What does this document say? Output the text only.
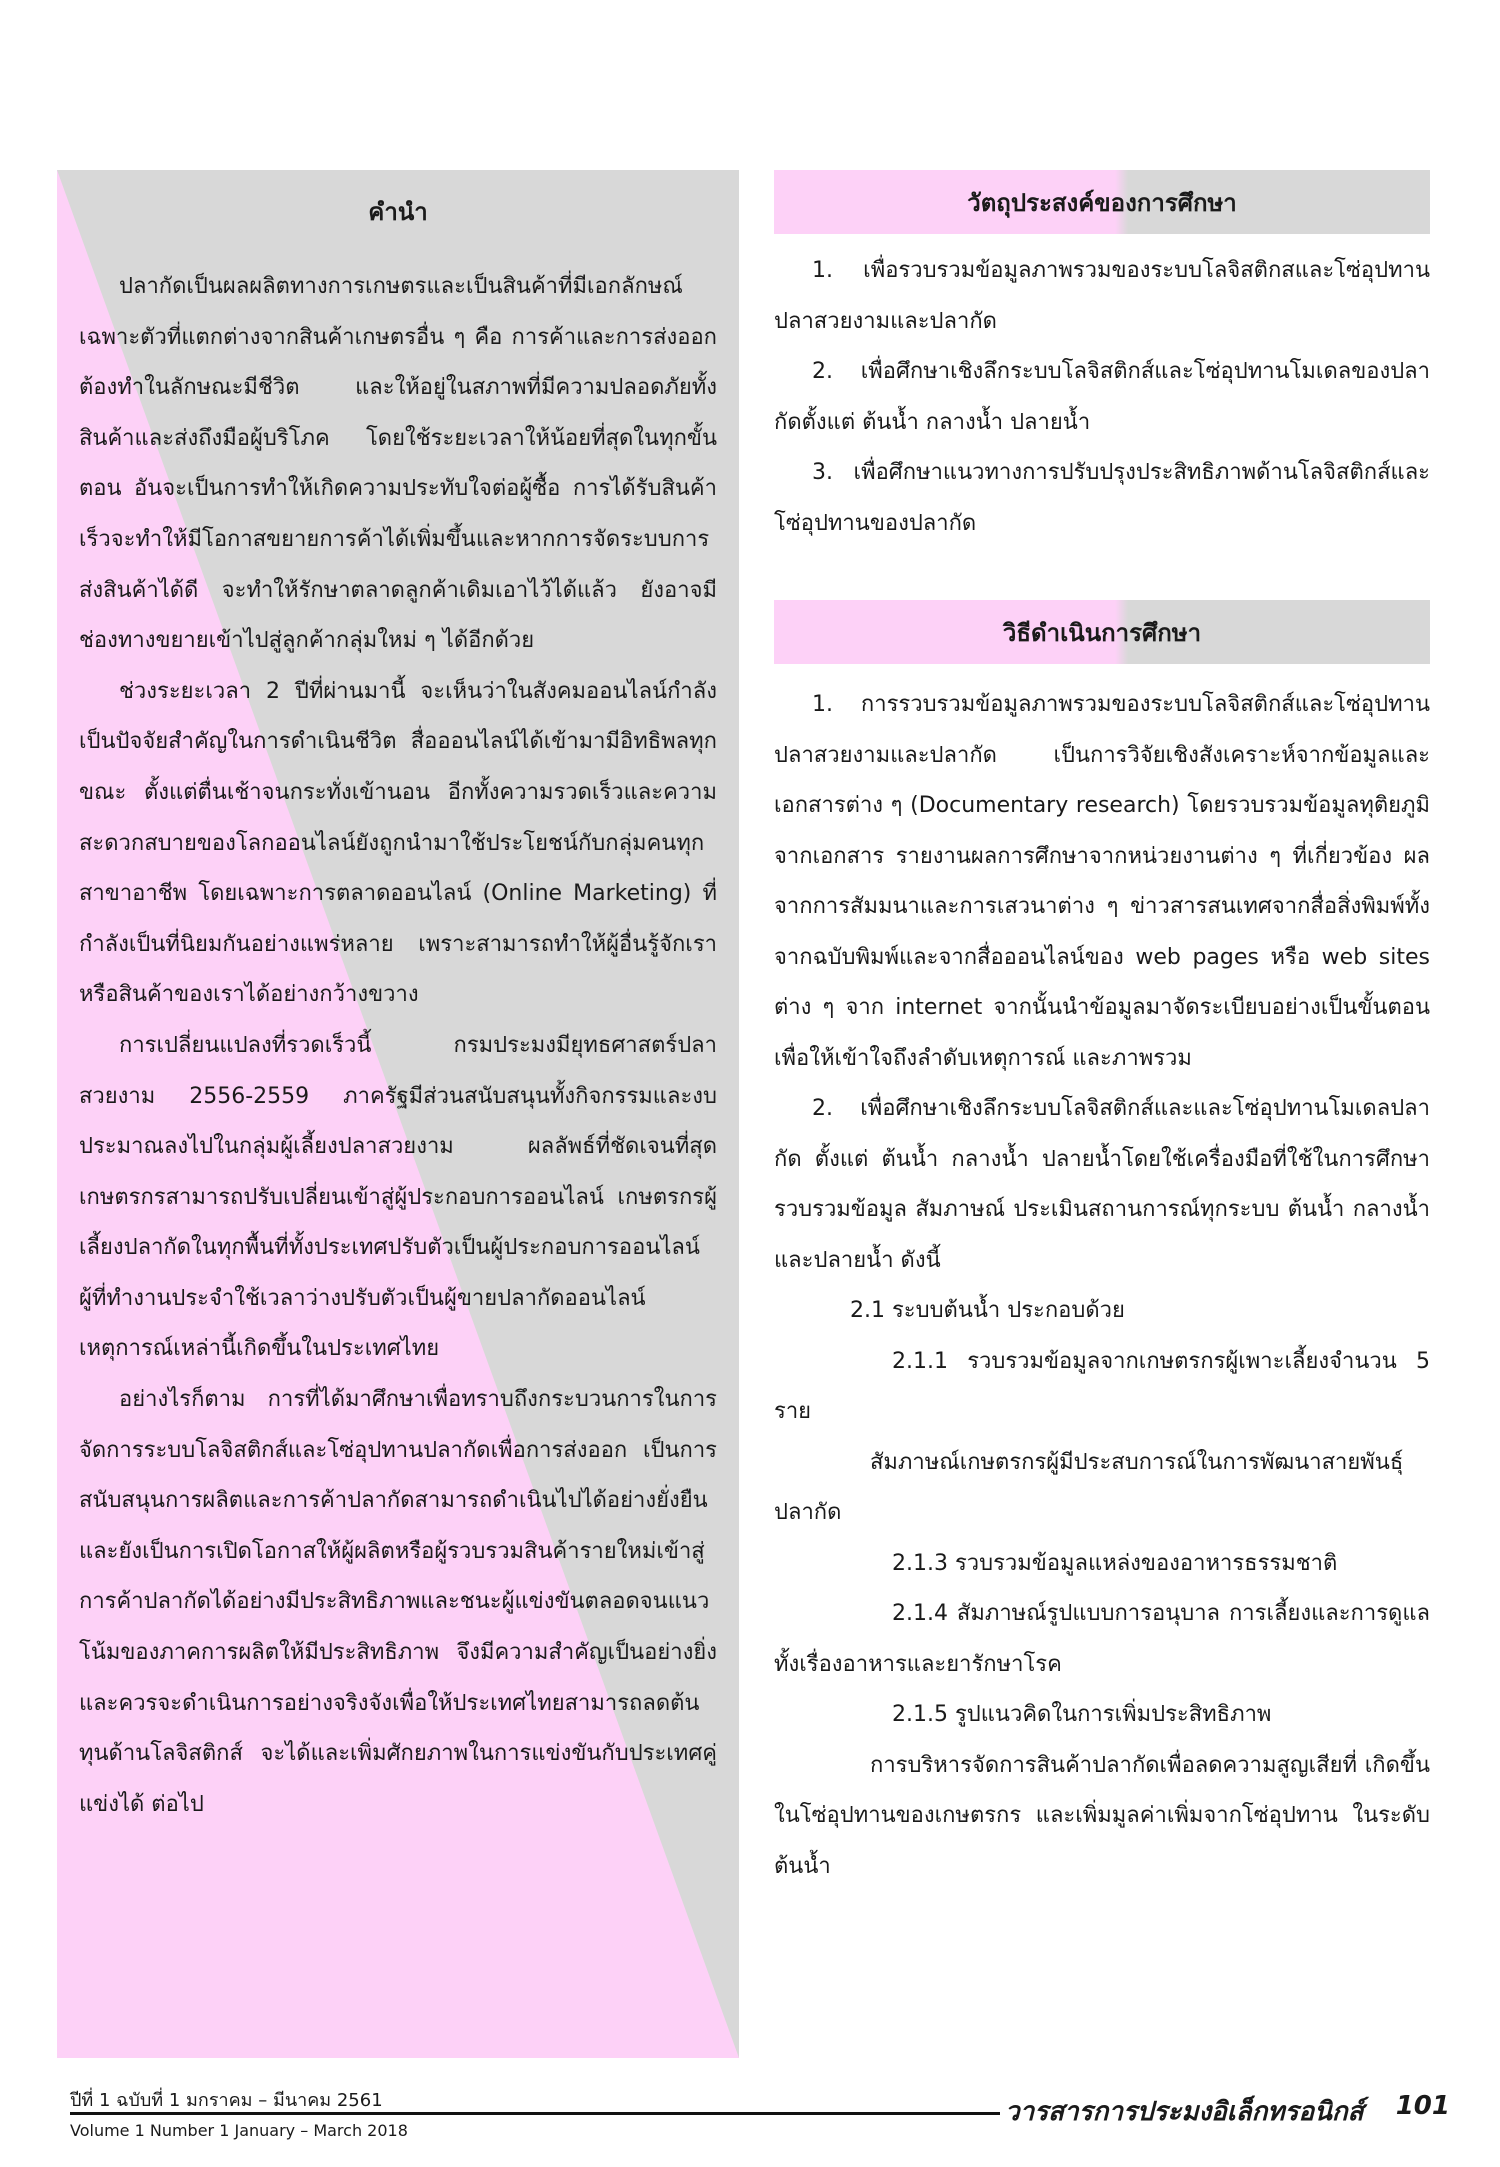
คำนำ

ปลากัดเป็นผลผลิตทางการเกษตรและเป็นสินค้าที่มีเอกลักษณ์เฉพาะตัวที่แตกต่างจากสินค้าเกษตรอื่น ๆ คือ การค้าและการส่งออกต้องทำในลักษณะมีชีวิต และให้อยู่ในสภาพที่มีความปลอดภัยทั้งสินค้าและส่งถึงมือผู้บริโภค โดยใช้ระยะเวลาให้น้อยที่สุดในทุกขั้นตอน อันจะเป็นการทำให้เกิดความประทับใจต่อผู้ซื้อ การได้รับสินค้าเร็วจะทำให้มีโอกาสขยายการค้าได้เพิ่มขึ้นและหากการจัดระบบการส่งสินค้าได้ดี จะทำให้รักษาตลาดลูกค้าเดิมเอาไว้ได้แล้ว ยังอาจมีช่องทางขยายเข้าไปสู่ลูกค้ากลุ่มใหม่ ๆ ได้อีกด้วย

ช่วงระยะเวลา 2 ปีที่ผ่านมานี้ จะเห็นว่าในสังคมออนไลน์กำลังเป็นปัจจัยสำคัญในการดำเนินชีวิต สื่อออนไลน์ได้เข้ามามีอิทธิพลทุกขณะ ตั้งแต่ตื่นเช้าจนกระทั่งเข้านอน อีกทั้งความรวดเร็วและความสะดวกสบายของโลกออนไลน์ยังถูกนำมาใช้ประโยชน์กับกลุ่มคนทุกสาขาอาชีพ โดยเฉพาะการตลาดออนไลน์ (Online Marketing) ที่กำลังเป็นที่นิยมกันอย่างแพร่หลาย เพราะสามารถทำให้ผู้อื่นรู้จักเราหรือสินค้าของเราได้อย่างกว้างขวาง

การเปลี่ยนแปลงที่รวดเร็วนี้ กรมประมงมียุทธศาสตร์ปลาสวยงาม 2556-2559 ภาครัฐมีส่วนสนับสนุนทั้งกิจกรรมและงบประมาณลงไปในกลุ่มผู้เลี้ยงปลาสวยงาม ผลลัพธ์ที่ชัดเจนที่สุดเกษตรกรสามารถปรับเปลี่ยนเข้าสู่ผู้ประกอบการออนไลน์ เกษตรกรผู้เลี้ยงปลากัดในทุกพื้นที่ทั้งประเทศปรับตัวเป็นผู้ประกอบการออนไลน์ ผู้ที่ทำงานประจำใช้เวลาว่างปรับตัวเป็นผู้ขายปลากัดออนไลน์ เหตุการณ์เหล่านี้เกิดขึ้นในประเทศไทย

อย่างไรก็ตาม การที่ได้มาศึกษาเพื่อทราบถึงกระบวนการในการจัดการระบบโลจิสติกส์และโซ่อุปทานปลากัดเพื่อการส่งออก เป็นการสนับสนุนการผลิตและการค้าปลากัดสามารถดำเนินไปได้อย่างยั่งยืนและยังเป็นการเปิดโอกาสให้ผู้ผลิตหรือผู้รวบรวมสินค้ารายใหม่เข้าสู่การค้าปลากัดได้อย่างมีประสิทธิภาพและชนะผู้แข่งขันตลอดจนแนวโน้มของภาคการผลิตให้มีประสิทธิภาพ จึงมีความสำคัญเป็นอย่างยิ่งและควรจะดำเนินการอย่างจริงจังเพื่อให้ประเทศไทยสามารถลดต้นทุนด้านโลจิสติกส์ จะได้และเพิ่มศักยภาพในการแข่งขันกับประเทศคู่แข่งได้ ต่อไป

วัตถุประสงค์ของการศึกษา

1. เพื่อรวบรวมข้อมูลภาพรวมของระบบโลจิสติกสและโซ่อุปทานปลาสวยงามและปลากัด

2. เพื่อศึกษาเชิงลึกระบบโลจิสติกส์และโซ่อุปทานโมเดลของปลากัดตั้งแต่ ต้นน้ำ กลางน้ำ ปลายน้ำ

3. เพื่อศึกษาแนวทางการปรับปรุงประสิทธิภาพด้านโลจิสติกส์และโซ่อุปทานของปลากัด

วิธีดำเนินการศึกษา

1. การรวบรวมข้อมูลภาพรวมของระบบโลจิสติกส์และโซ่อุปทานปลาสวยงามและปลากัด เป็นการวิจัยเชิงสังเคราะห์จากข้อมูลและเอกสารต่าง ๆ (Documentary research) โดยรวบรวมข้อมูลทุติยภูมิจากเอกสาร รายงานผลการศึกษาจากหน่วยงานต่าง ๆ ที่เกี่ยวข้อง ผลจากการสัมมนาและการเสวนาต่าง ๆ ข่าวสารสนเทศจากสื่อสิ่งพิมพ์ทั้งจากฉบับพิมพ์และจากสื่อออนไลน์ของ web pages หรือ web sites ต่าง ๆ จาก internet จากนั้นนำข้อมูลมาจัดระเบียบอย่างเป็นขั้นตอนเพื่อให้เข้าใจถึงลำดับเหตุการณ์ และภาพรวม

2. เพื่อศึกษาเชิงลึกระบบโลจิสติกส์และและโซ่อุปทานโมเดลปลากัด ตั้งแต่ ต้นน้ำ กลางน้ำ ปลายน้ำโดยใช้เครื่องมือที่ใช้ในการศึกษา รวบรวมข้อมูล สัมภาษณ์ ประเมินสถานการณ์ทุกระบบ ต้นน้ำ กลางน้ำ และปลายน้ำ ดังนี้

2.1 ระบบต้นน้ำ ประกอบด้วย

2.1.1 รวบรวมข้อมูลจากเกษตรกรผู้เพาะเลี้ยงจำนวน 5 ราย

สัมภาษณ์เกษตรกรผู้มีประสบการณ์ในการพัฒนาสายพันธุ์ปลากัด

2.1.3 รวบรวมข้อมูลแหล่งของอาหารธรรมชาติ

2.1.4 สัมภาษณ์รูปแบบการอนุบาล การเลี้ยงและการดูแลทั้งเรื่องอาหารและยารักษาโรค

2.1.5 รูปแนวคิดในการเพิ่มประสิทธิภาพ

การบริหารจัดการสินค้าปลากัดเพื่อลดความสูญเสียที่ เกิดขึ้นในโซ่อุปทานของเกษตรกร และเพิ่มมูลค่าเพิ่มจากโซ่อุปทาน ในระดับต้นน้ำ

ปีที่ 1 ฉบับที่ 1 มกราคม – มีนาคม 2561
Volume 1 Number 1 January – March 2018
วารสารการประมงอิเล็กทรอนิกส์ 101
